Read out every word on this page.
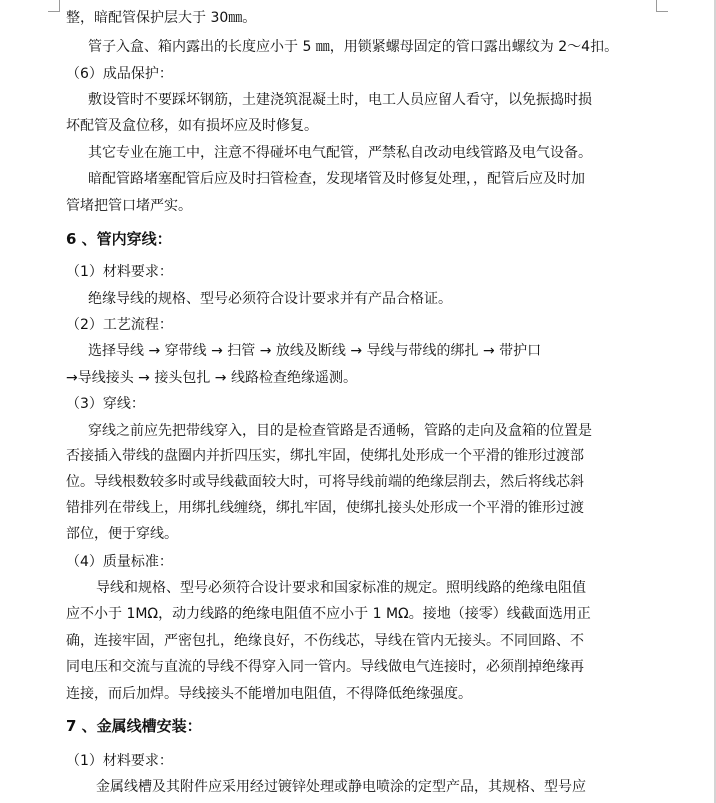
整，暗配管保护层大于 30㎜。
管子入盒、箱内露出的长度应小于 5 ㎜，用锁紧螺母固定的管口露出螺纹为 2～4扣。
（6）成品保护：
敷设管时不要踩坏钢筋，土建浇筑混凝土时，电工人员应留人看守，以免振捣时损
坏配管及盒位移，如有损坏应及时修复。
其它专业在施工中，注意不得碰坏电气配管，严禁私自改动电线管路及电气设备。
暗配管路堵塞配管后应及时扫管检查，发现堵管及时修复处理，，配管后应及时加
管堵把管口堵严实。
6 、管内穿线：
（1）材料要求：
绝缘导线的规格、型号必须符合设计要求并有产品合格证。
（2）工艺流程：
选择导线 → 穿带线 → 扫管 → 放线及断线 → 导线与带线的绑扎 → 带护口
→导线接头 → 接头包扎 → 线路检查绝缘遥测。
（3）穿线：
穿线之前应先把带线穿入，目的是检查管路是否通畅，管路的走向及盒箱的位置是
否接插入带线的盘圈内并折四压实，绑扎牢固，使绑扎处形成一个平滑的锥形过渡部
位。导线根数较多时或导线截面较大时，可将导线前端的绝缘层削去，然后将线芯斜
错排列在带线上，用绑扎线缠绕，绑扎牢固，使绑扎接头处形成一个平滑的锥形过渡
部位，便于穿线。
（4）质量标准：
导线和规格、型号必须符合设计要求和国家标准的规定。照明线路的绝缘电阻值
应不小于 1MΩ，动力线路的绝缘电阻值不应小于 1 MΩ。接地（接零）线截面选用正
确，连接牢固，严密包扎，绝缘良好，不伤线芯，导线在管内无接头。不同回路、不
同电压和交流与直流的导线不得穿入同一管内。导线做电气连接时，必须削掉绝缘再
连接，而后加焊。导线接头不能增加电阻值，不得降低绝缘强度。
7 、金属线槽安装：
（1）材料要求：
金属线槽及其附件应采用经过镀锌处理或静电喷涂的定型产品，其规格、型号应
